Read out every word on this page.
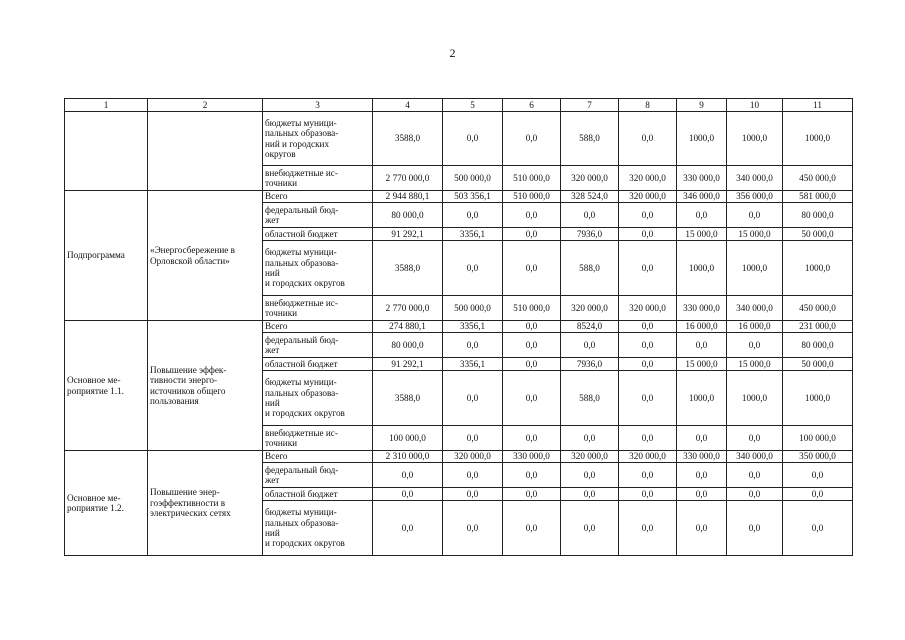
2
1	2	3	4	5	6	7	8	9	10	11
		бюджеты муници-
пальных образова-
ний и городских
округов	3588,0	0,0	0,0	588,0	0,0	1000,0	1000,0	1000,0
		внебюджетные ис-
точники	2 770 000,0	500 000,0	510 000,0	320 000,0	320 000,0	330 000,0	340 000,0	450 000,0
Подпрограмма	«Энергосбережение в
Орловской области»	Всего	2 944 880,1	503 356,1	510 000,0	328 524,0	320 000,0	346 000,0	356 000,0	581 000,0
		федеральный бюд-
жет	80 000,0	0,0	0,0	0,0	0,0	0,0	0,0	80 000,0
		областной бюджет	91 292,1	3356,1	0,0	7936,0	0,0	15 000,0	15 000,0	50 000,0
		бюджеты муници-
пальных образова-
ний
и городских округов	3588,0	0,0	0,0	588,0	0,0	1000,0	1000,0	1000,0
		внебюджетные ис-
точники	2 770 000,0	500 000,0	510 000,0	320 000,0	320 000,0	330 000,0	340 000,0	450 000,0
Основное ме-
роприятие 1.1.	Повышение эффек-
тивности энерго-
источников общего
пользования	Всего	274 880,1	3356,1	0,0	8524,0	0,0	16 000,0	16 000,0	231 000,0
		федеральный бюд-
жет	80 000,0	0,0	0,0	0,0	0,0	0,0	0,0	80 000,0
		областной бюджет	91 292,1	3356,1	0,0	7936,0	0,0	15 000,0	15 000,0	50 000,0
		бюджеты муници-
пальных образова-
ний
и городских округов	3588,0	0,0	0,0	588,0	0,0	1000,0	1000,0	1000,0
		внебюджетные ис-
точники	100 000,0	0,0	0,0	0,0	0,0	0,0	0,0	100 000,0
Основное ме-
роприятие 1.2.	Повышение энер-
гоэффективности в
электрических сетях	Всего	2 310 000,0	320 000,0	330 000,0	320 000,0	320 000,0	330 000,0	340 000,0	350 000,0
		федеральный бюд-
жет	0,0	0,0	0,0	0,0	0,0	0,0	0,0	0,0
		областной бюджет	0,0	0,0	0,0	0,0	0,0	0,0	0,0	0,0
		бюджеты муници-
пальных образова-
ний
и городских округов	0,0	0,0	0,0	0,0	0,0	0,0	0,0	0,0
